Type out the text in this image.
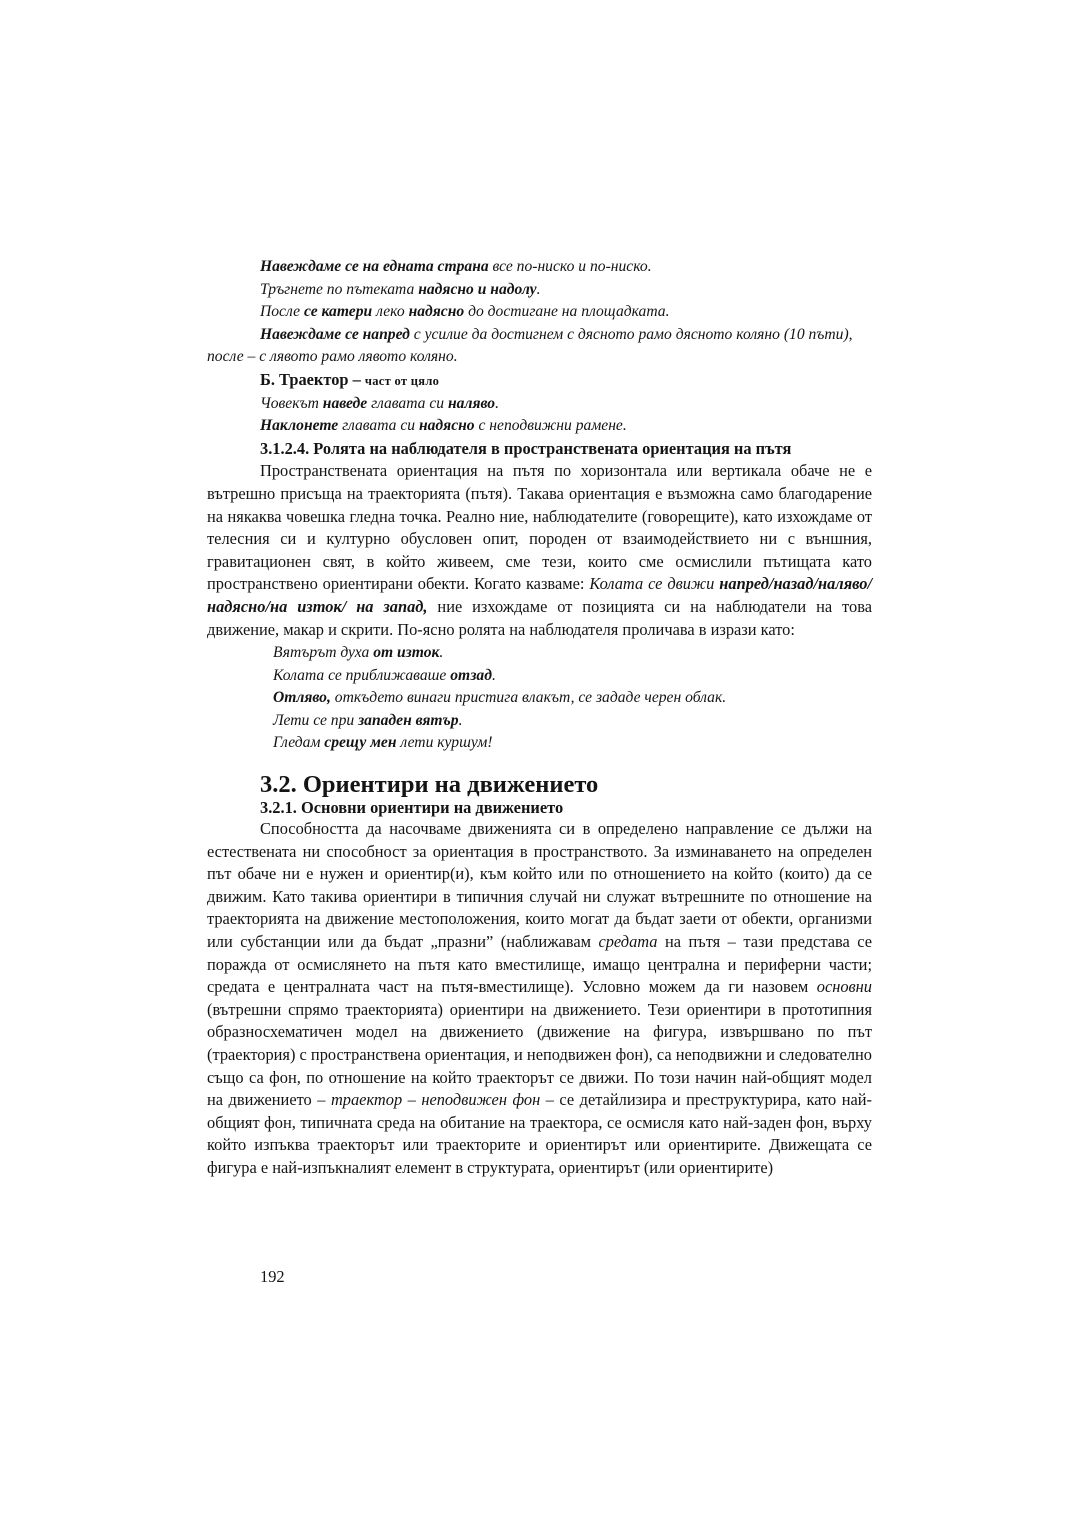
Навеждаме се на едната страна все по-ниско и по-ниско.
Тръгнете по пътеката надясно и надолу.
После се катери леко надясно до достигане на площадката.
Навеждаме се напред с усилие да достигнем с дясното рамо дясното коляно (10 пъти), после – с лявото рамо лявото коляно.
Б. Траектор – част от цяло
Човекът наведе главата си наляво.
Наклонете главата си надясно с неподвижни рамене.
3.1.2.4. Ролята на наблюдателя в пространствената ориентация на пътя
Пространствената ориентация на пътя по хоризонтала или вертикала обаче не е вътрешно присъща на траекторията (пътя). Такава ориентация е възможна само благодарение на някаква човешка гледна точка. Реално ние, наблюдателите (говорещите), като изхождаме от телесния си и културно обусловен опит, породен от взаимодействието ни с външния, гравитационен свят, в който живеем, сме тези, които сме осмислили пътищата като пространствено ориентирани обекти. Когато казваме: Колата се движи напред/назад/наляво/надясно/на изток/ на запад, ние изхождаме от позицията си на наблюдатели на това движение, макар и скрити. По-ясно ролята на наблюдателя проличава в изрази като:
Вятърът духа от изток.
Колата се приближаваше отзад.
Отляво, откъдето винаги пристига влакът, се зададе черен облак.
Лети се при западен вятър.
Гледам срещу мен лети куршум!
3.2. Ориентири на движението
3.2.1. Основни ориентири на движението
Способността да насочваме движенията си в определено направление се дължи на естествената ни способност за ориентация в пространството. За изминаването на определен път обаче ни е нужен и ориентир(и), към който или по отношението на който (които) да се движим. Като такива ориентири в типичния случай ни служат вътрешните по отношение на траекторията на движение местоположения, които могат да бъдат заети от обекти, организми или субстанции или да бъдат „празни” (наближавам средата на пътя – тази представа се поражда от осмислянето на пътя като вместилище, имащо централна и периферни части; средата е централната част на пътя-вместилище). Условно можем да ги назовем основни (вътрешни спрямо траекторията) ориентири на движението. Тези ориентири в прототипния образносхематичен модел на движението (движение на фигура, извършвано по път (траектория) с пространствена ориентация, и неподвижен фон), са неподвижни и следователно също са фон, по отношение на който траекторът се движи. По този начин най-общият модел на движението – траектор – неподвижен фон – се детайлизира и преструктурира, като най-общият фон, типичната среда на обитание на траектора, се осмисля като най-заден фон, върху който изпъква траекторът или траекторите и ориентирът или ориентирите. Движещата се фигура е най-изпъкналият елемент в структурата, ориентирът (или ориентирите)
192
